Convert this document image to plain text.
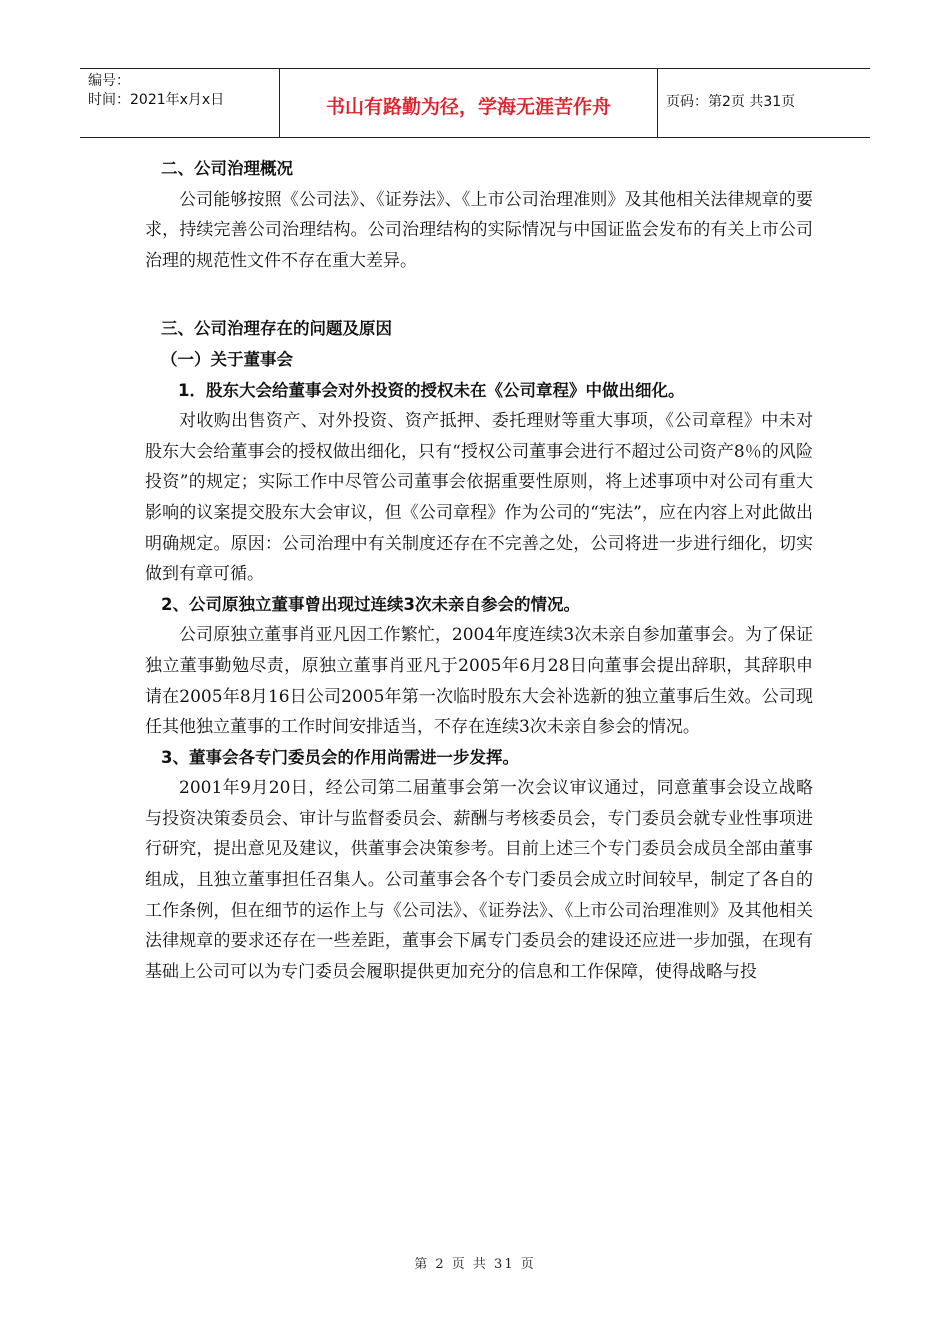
编号：
时间：2021年x月x日	书山有路勤为径，学海无涯苦作舟	页码：第2页 共31页

二、公司治理概况

公司能够按照《公司法》、《证券法》、《上市公司治理准则》及其他相关法律规章的要求，持续完善公司治理结构。公司治理结构的实际情况与中国证监会发布的有关上市公司治理的规范性文件不存在重大差异。

三、公司治理存在的问题及原因

（一）关于董事会

1．股东大会给董事会对外投资的授权未在《公司章程》中做出细化。

对收购出售资产、对外投资、资产抵押、委托理财等重大事项，《公司章程》中未对股东大会给董事会的授权做出细化，只有“授权公司董事会进行不超过公司资产8％的风险投资”的规定；实际工作中尽管公司董事会依据重要性原则，将上述事项中对公司有重大影响的议案提交股东大会审议，但《公司章程》作为公司的“宪法”，应在内容上对此做出明确规定。原因：公司治理中有关制度还存在不完善之处，公司将进一步进行细化，切实做到有章可循。

2、公司原独立董事曾出现过连续3次未亲自参会的情况。

公司原独立董事肖亚凡因工作繁忙，2004年度连续3次未亲自参加董事会。为了保证独立董事勤勉尽责，原独立董事肖亚凡于2005年6月28日向董事会提出辞职，其辞职申请在2005年8月16日公司2005年第一次临时股东大会补选新的独立董事后生效。公司现任其他独立董事的工作时间安排适当，不存在连续3次未亲自参会的情况。

3、董事会各专门委员会的作用尚需进一步发挥。

2001年9月20日，经公司第二届董事会第一次会议审议通过，同意董事会设立战略与投资决策委员会、审计与监督委员会、薪酬与考核委员会，专门委员会就专业性事项进行研究，提出意见及建议，供董事会决策参考。目前上述三个专门委员会成员全部由董事组成，且独立董事担任召集人。公司董事会各个专门委员会成立时间较早，制定了各自的工作条例，但在细节的运作上与《公司法》、《证券法》、《上市公司治理准则》及其他相关法律规章的要求还存在一些差距，董事会下属专门委员会的建设还应进一步加强，在现有基础上公司可以为专门委员会履职提供更加充分的信息和工作保障，使得战略与投

第 2 页 共 31 页
